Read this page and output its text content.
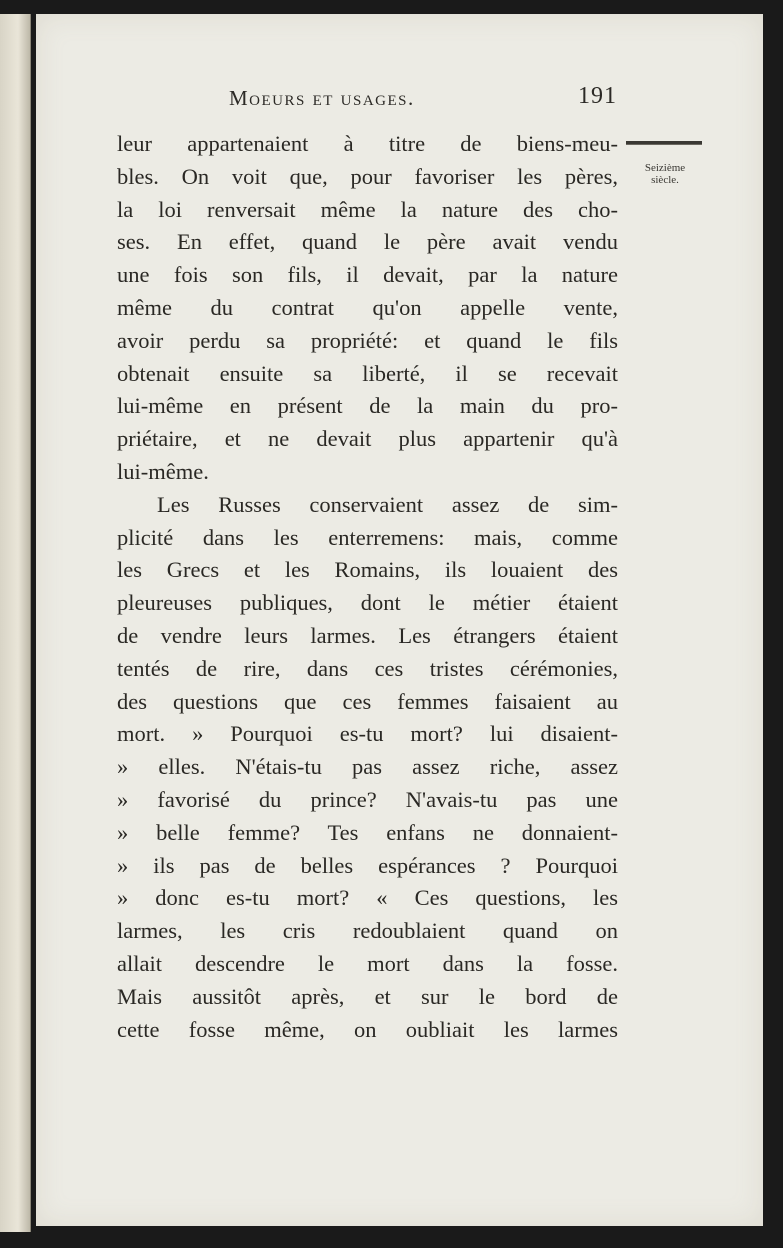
Moeurs et usages.	191
Seizième
siècle.
leur appartenaient à titre de biens-meu-
bles. On voit que, pour favoriser les pères,
la loi renversait même la nature des cho-
ses. En effet, quand le père avait vendu
une fois son fils, il devait, par la nature
même du contrat qu'on appelle vente,
avoir perdu sa propriété: et quand le fils
obtenait ensuite sa liberté, il se recevait
lui-même en présent de la main du pro-
priétaire, et ne devait plus appartenir qu'à
lui-même.
Les Russes conservaient assez de sim-
plicité dans les enterremens: mais, comme
les Grecs et les Romains, ils louaient des
pleureuses publiques, dont le métier étaient
de vendre leurs larmes. Les étrangers étaient
tentés de rire, dans ces tristes cérémonies,
des questions que ces femmes faisaient au
mort. » Pourquoi es-tu mort? lui disaient-
» elles. N'étais-tu pas assez riche, assez
» favorisé du prince? N'avais-tu pas une
» belle femme? Tes enfans ne donnaient-
» ils pas de belles espérances ? Pourquoi
» donc es-tu mort? « Ces questions, les
larmes, les cris redoublaient quand on
allait descendre le mort dans la fosse.
Mais aussitôt après, et sur le bord de
cette fosse même, on oubliait les larmes
